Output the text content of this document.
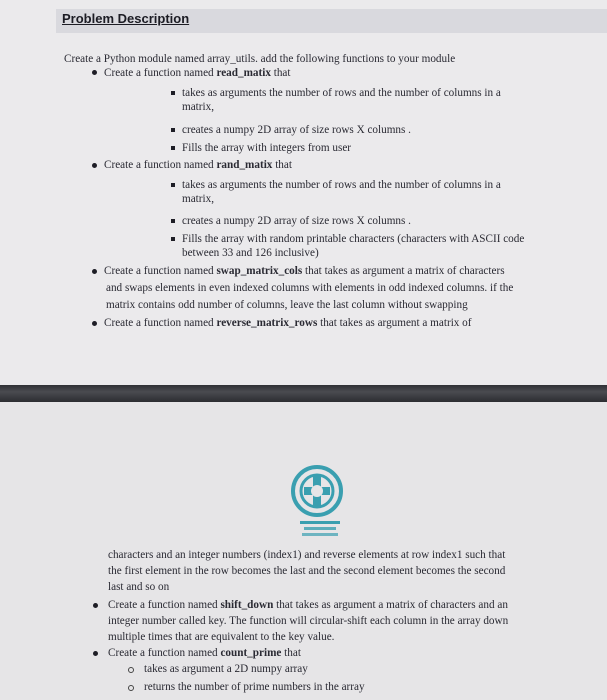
Problem Description
Create a Python module named array_utils. add the following functions to your module
Create a function named read_matix that
takes as arguments the number of rows and the number of columns in a
matrix,
creates a numpy 2D array of size rows X columns .
Fills the array with integers from user
Create a function named rand_matix that
takes as arguments the number of rows and the number of columns in a
matrix,
creates a numpy 2D array of size rows X columns .
Fills the array with random printable characters (characters with ASCII code
between 33 and 126 inclusive)
Create a function named swap_matrix_cols that takes as argument a matrix of characters
and swaps elements in even indexed columns with elements in odd indexed columns. if the
matrix contains odd number of columns, leave the last column without swapping
Create a function named reverse_matrix_rows that takes as argument a matrix of
characters and an integer numbers (index1) and reverse elements at row index1 such that
the first element in the row becomes the last and the second element becomes the second
last and so on
Create a function named shift_down that takes as argument a matrix of characters and an
integer number called key. The function will circular-shift each column in the array down
multiple times that are equivalent to the key value.
Create a function named count_prime that
takes as argument a 2D numpy array
returns the number of prime numbers in the array
